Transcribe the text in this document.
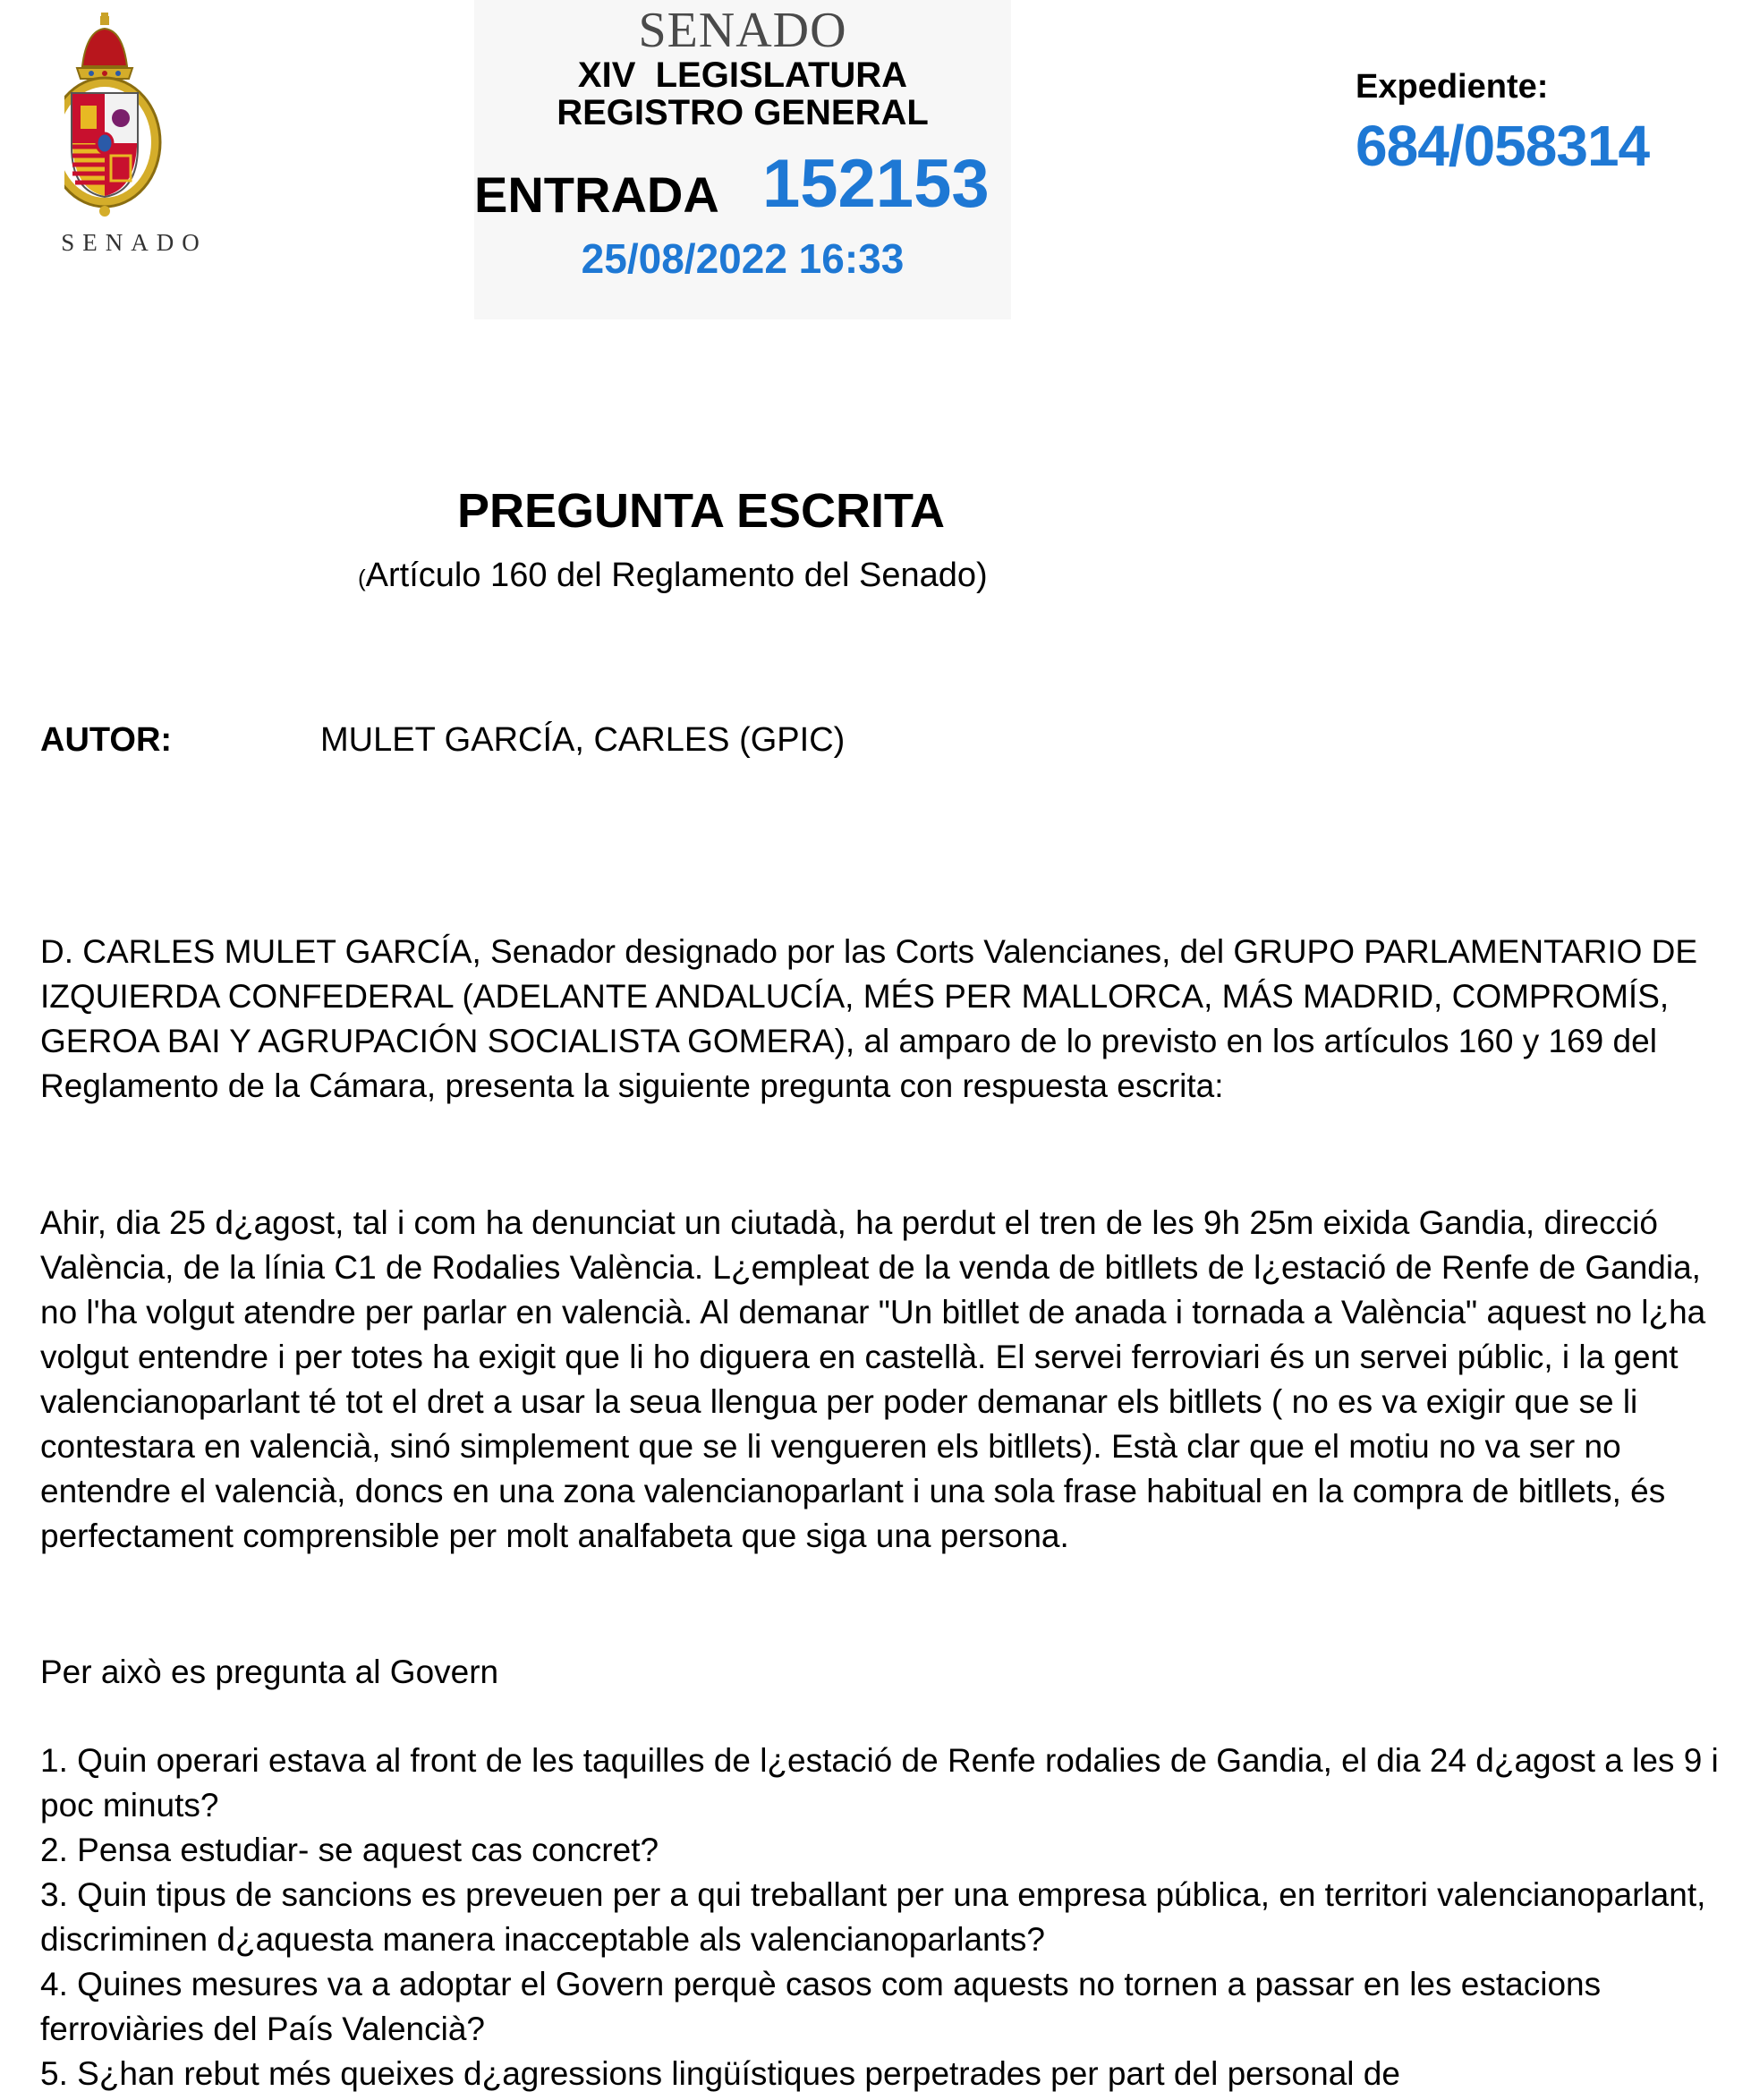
SENADO
SENADO
XIV  LEGISLATURA
REGISTRO GENERAL
ENTRADA 152153
25/08/2022 16:33
Expediente:
684/058314
PREGUNTA ESCRITA
(Artículo 160 del Reglamento del Senado)
AUTOR:	MULET GARCÍA, CARLES (GPIC)

D. CARLES MULET GARCÍA, Senador designado por las Corts Valencianes, del GRUPO PARLAMENTARIO DE IZQUIERDA CONFEDERAL (ADELANTE ANDALUCÍA, MÉS PER MALLORCA, MÁS MADRID, COMPROMÍS, GEROA BAI Y AGRUPACIÓN SOCIALISTA GOMERA), al amparo de lo previsto en los artículos 160 y 169 del Reglamento de la Cámara, presenta la siguiente pregunta con respuesta escrita:

Ahir, dia 25 d¿agost, tal i com ha denunciat un ciutadà, ha perdut el tren de les 9h 25m eixida Gandia, direcció València, de la línia C1 de Rodalies València. L¿empleat de la venda de bitllets de l¿estació de Renfe de Gandia, no l'ha volgut atendre per parlar en valencià. Al demanar "Un bitllet de anada i tornada a València" aquest no l¿ha volgut entendre i per totes ha exigit que li ho diguera en castellà. El servei ferroviari és un servei públic, i la gent valencianoparlant té tot el dret a usar la seua llengua per poder demanar els bitllets ( no es va exigir que se li contestara en valencià, sinó simplement que se li vengueren els bitllets). Està clar que el motiu no va ser no entendre el valencià, doncs en una zona valencianoparlant i una sola frase habitual en la compra de bitllets, és perfectament comprensible per molt analfabeta que siga una persona.

Per això es pregunta al Govern

1. Quin operari estava al front de les taquilles de l¿estació de Renfe rodalies de Gandia, el dia 24 d¿agost a les 9 i poc minuts?
2. Pensa estudiar- se aquest cas concret?
3. Quin tipus de sancions es preveuen per a qui treballant per una empresa pública, en territori valencianoparlant, discriminen d¿aquesta manera inacceptable als valencianoparlants?
4. Quines mesures va a adoptar el Govern perquè casos com aquests no tornen a passar en les estacions ferroviàries del País Valencià?
5. S¿han rebut més queixes d¿agressions lingüístiques perpetrades per part del personal de
